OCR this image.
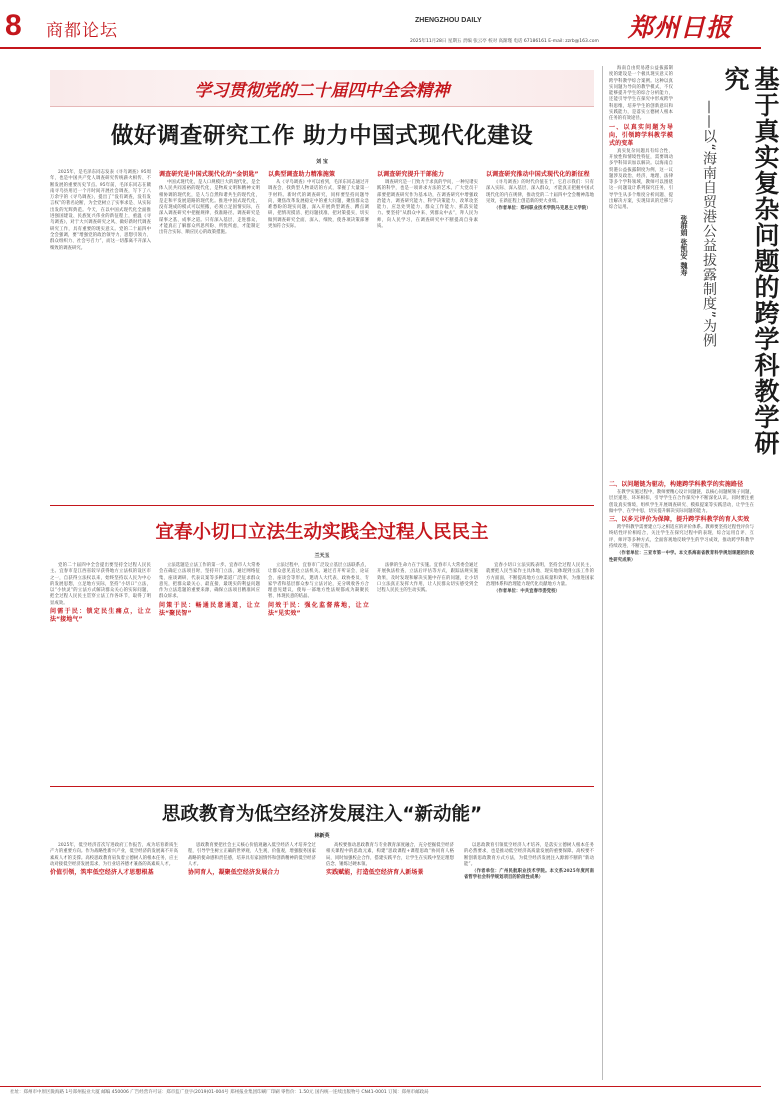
8 商都论坛
ZHENGZHOU DAILY	郑州日报
2025年11月28日 星期五 责编 张云亭 校对 高渐瑾 电话 67186161 E-mail: zzrb@163.com
学习贯彻党的二十届四中全会精神
做好调查研究工作 助力中国式现代化建设
刘 宝

2025年，是毛泽东同志发表《寻乌调查》95周年，也是中国共产党人调查研究传统薪火相传、不断发展的重要历史节点。95年前，毛泽东同志在赣南寻乌县用近一个月时间开展社会调查，写下了八万余字的《寻乌调查》，提出了“没有调查，没有发言权”的著名论断，为全党树立了实事求是、从实际出发的光辉典范。今天，在以中国式现代化全面推进强国建设、民族复兴伟业的新征程上，重温《寻乌调查》，对于大兴调查研究之风、做好新时代调查研究工作，具有重要的现实意义。党的二十届四中全会强调，要“增强党的政治领导力、思想引领力、群众组织力、社会号召力”，而这一切都离不开深入细致的调查研究。

调查研究是中国式现代化的“金钥匙”

中国式现代化，是人口规模巨大的现代化，是全体人民共同富裕的现代化，是物质文明和精神文明相协调的现代化，是人与自然和谐共生的现代化，是走和平发展道路的现代化。推进中国式现代化，没有现成的模式可以照搬，必须立足国情实际，在深入调查研究中把握规律、找准路径。调查研究是谋事之基、成事之道。只有深入基层、走进群众，才能真正了解群众所思所盼、所忧所虑，才能制定出符合实际、顺应民心的政策措施。

以典型调查助力精准施策

从《寻乌调查》中可以看到，毛泽东同志通过开调查会、找典型人物谈话的方式，掌握了大量第一手材料。新时代的调查研究，同样要坚持问题导向，聚焦改革发展稳定中的重大问题，聚焦群众急难愁盼的现实问题，深入开展典型调查、蹲点调研，把情况摸清、把问题找准、把对策提实，切实做到调查研究全面、深入、细致，使各项决策部署更加符合实际。

以调查研究提升干部能力

调查研究是一门致力于求真的学问，一种见诸实践的科学，也是一项讲求方法的艺术。广大党员干部要把调查研究作为基本功，在调查研究中增强政治能力、调查研究能力、科学决策能力、改革攻坚能力、应急处突能力、群众工作能力、抓落实能力。要坚持“从群众中来、到群众中去”，拜人民为师，向人民学习，在调查研究中不断提高自身素质。

以调查研究推动中国式现代化的新征程

《寻乌调查》的时代价值在于，它启示我们：只有深入实际、深入基层、深入群众，才能真正把握中国式现代化的内在规律，推动党的二十届四中全会精神落地见效，在新征程上创造新的更大业绩。

（作者单位：郑州职业技术学院马克思主义学院）

宜春小切口立法生动实践全过程人民民主
兰天玉

党的二十届四中全会提出要坚持全过程人民民主。宜春市是江西省较早获得地方立法权的设区市之一，自获得立法权以来，始终坚持以人民为中心的发展思想，立足地方实际，坚持“小切口”立法，以“小快灵”的立法方式解决群众关心的实际问题，把全过程人民民主贯穿立法工作各环节，取得了明显成效。

问需于民：锁定民生痛点，让立法“接地气”

立法选题是立法工作的第一步。宜春市人大常委会在确定立法项目时，坚持开门立法，通过网络征集、座谈调研、代表议案等多种渠道广泛征求群众意见，把群众最关心、最直接、最现实的利益问题作为立法选题的重要来源，确保立法项目精准回应群众诉求。

问策于民：畅通民意通道，让立法“聚民智”

立法过程中，宜春市广泛设立基层立法联系点，让群众意见直达立法机关。通过召开听证会、论证会、座谈会等形式，邀请人大代表、政协委员、专家学者和基层群众参与立法讨论，充分吸收各方合理意见建议，使每一部地方性法规都成为凝聚民智、体现民意的结晶。

问效于民：强化监督落地，让立法“见实效”

法律的生命力在于实施。宜春市人大常委会通过开展执法检查、立法后评估等方式，跟踪法规实施效果，及时发现和解决实施中存在的问题，让小切口立法真正发挥大作用，让人民群众切实感受到全过程人民民主的生动实践。

宜春小切口立法实践表明，坚持全过程人民民主，就要把人民当家作主具体地、现实地体现到立法工作的方方面面，不断提高地方立法质量和效率，为推进国家治理体系和治理能力现代化贡献地方力量。

（作者单位：中共宜春市委党校）

思政教育为低空经济发展注入“新动能”
林新英

2025年，低空经济首次写进政府工作报告，成为培育新质生产力的重要方向。作为战略性新兴产业，低空经济的发展离不开高素质人才的支撑。高校思政教育肩负着立德树人的根本任务，应主动对接低空经济发展需求，为行业培养德才兼备的高素质人才。

价值引领，筑牢低空经济人才思想根基

思政教育要把社会主义核心价值观融入低空经济人才培养全过程，引导学生树立正确的世界观、人生观、价值观，增强服务国家战略的使命感和责任感，培养具有家国情怀和创新精神的低空经济人才。

协同育人，凝聚低空经济发展合力

高校要推动思政教育与专业教育深度融合，充分挖掘低空经济相关课程中的思政元素，构建“思政课程+课程思政”协同育人格局，同时加强校企合作，搭建实践平台，让学生在实践中坚定理想信念、锤炼过硬本领。

实践赋能，打造低空经济育人新场景

以思政教育引领低空经济人才培养，是落实立德树人根本任务的必然要求，也是推动低空经济高质量发展的重要保障。高校要不断创新思政教育方式方法，为低空经济发展注入源源不断的“新动能”。

（作者单位：广州民航职业技术学院。本文系2025年度河南省哲学社会科学规划项目的阶段性成果）

基于真实复杂问题的跨学科教学研究
——以“海南自贸港公益拔露制度”为例
张群娟 张凯安 魏寿

海南自由贸易港公益拔露制度的建设是一个极具现实意义的跨学科教学综合案例。这种以真实问题为导向的教学模式，不仅能够提升学生的综合分析能力，还能引导学生在探究中形成跨学科思维，培养学生的创新意识和实践能力，是落实立德树人根本任务的有效途径。

一、以真实问题为导向，引领跨学科教学模式的变革

真实复杂问题具有综合性、开放性和情境性特征，需要调动多学科知识加以解决。以海南自贸港公益拔露制度为例，这一议题涉及政治、经济、地理、法律等多个学科领域，教师可以围绕这一问题设计系列探究任务，引导学生从多个维度分析问题、提出解决方案，实现知识的迁移与综合运用。

二、以问题链为驱动，构建跨学科教学的实施路径

在教学实施过程中，教师要精心设计问题链，以核心问题统领子问题，层层递进、环环相扣，引导学生在合作探究中不断深化认识。同时要注重创设真实情境，组织学生开展调查研究、模拟提案等实践活动，让学生在做中学、在学中思，切实提升解决实际问题的能力。

三、以多元评价为保障，提升跨学科教学的育人实效

跨学科教学需要建立与之相适应的评价体系。教师要坚持过程性评价与终结性评价相结合，关注学生在探究过程中的表现，综合运用自评、互评、师评等多种方式，全面客观地反映学生的学习成效，推动跨学科教学持续改进、不断完善。

（作者单位：三亚市第一中学。本文系海南省教育科学规划课题的阶段性研究成果）

社址：郑州市中原区陇海路 1号郑州报业大厦 邮编 450006 广告经营许可证：郑市监广登字(2019)01-004号 郑州报业集团印刷厂印刷 零售价：1.50元 国内统一连续出版物号 CN41-0001 订阅：郑州市邮政局
